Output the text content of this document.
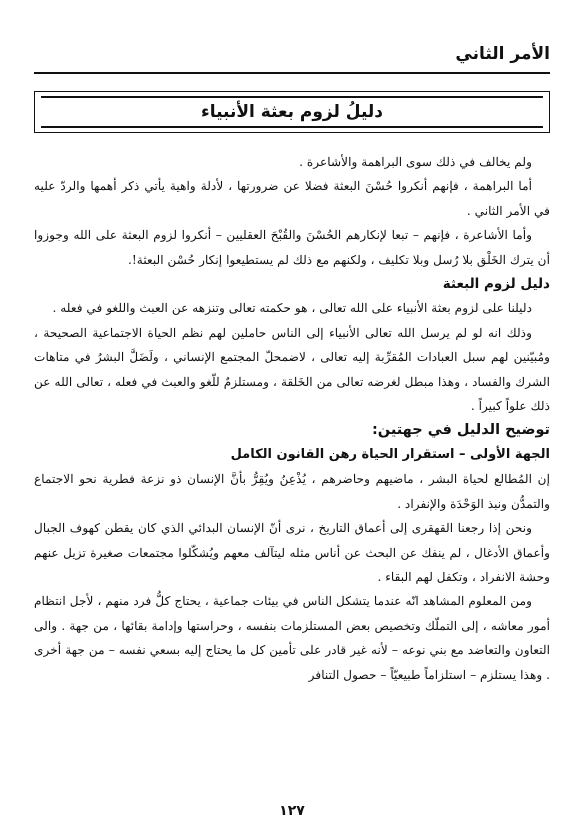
الأمر الثاني
دليلُ لزوم بعثة الأنبياء

ولم يخالف في ذلك سوى البراهمة والأشاعرة .

أما البراهمة ، فإنهم أنكروا حُسْنَ البعثة فضلا عن ضرورتها ، لأدلة واهية يأتي ذكر أهمها والردّ عليه في الأمر الثاني .

وأما الأشاعرة ، فإنهم – تبعا لإنكارهم الحُسْنَ والقُبْحَ العقليين – أنكروا لزوم البعثة على الله وجوزوا أن يترك الخَلْق بلا رُسل وبلا تكليف ، ولكنهم مع ذلك لم يستطيعوا إنكار حُسْن البعثة!.

دليل لزوم البعثة

دليلنا على لزوم بعثة الأنبياء على الله تعالى ، هو حكمته تعالى وتنزهه عن العبث واللغو في فعله .

وذلك انه لو لم يرسل الله تعالى الأنبياء إلى الناس حاملين لهم نظم الحياة الاجتماعية الصحيحة ، ومُبيّنين لهم سبل العبادات المُقرِّبة إليه تعالى ، لاضمحلّ المجتمع الإنساني ، ولَضَلَّ البشرُ في متاهات الشرك والفساد ، وهذا مبطل لغرضه تعالى من الخَلقة ، ومستلزمٌ للّغو والعبث في فعله ، تعالى الله عن ذلك علواً كبيراً .

توضيح الدليل في جهتين:

الجهة الأولى – استقرار الحياة رهن القانون الكامل

إن المُطالع لحياة البشر ، ماضيهم وحاضرهم ، يُذْعِنُ ويُقِرُّ بأنَّ الإنسان ذو نزعة فطرية نحو الاجتماع والتمدُّن ونبذ الوَحْدَة والإنفراد .

ونحن إذا رجعنا القهقرى إلى أعماق التاريخ ، نرى أنّ الإنسان البدائي الذي كان يقطن كهوف الجبال وأعماق الأدغال ، لم ينفك عن البحث عن أناس مثله ليتآلف معهم ويُشكّلوا مجتمعات صغيرة تزيل عنهم وحشة الانفراد ، وتكفل لهم البقاء .

ومن المعلوم المشاهد انّه عندما يتشكل الناس في بيئات جماعية ، يحتاج كلُّ فرد منهم ، لأجل انتظام أمور معاشه ، إلى التملّك وتخصيص بعض المستلزمات بنفسه ، وحراستها وإدامة بقائها ، من جهة . والى التعاون والتعاضد مع بني نوعه – لأنه غير قادر على تأمين كل ما يحتاج إليه بسعي نفسه – من جهة أخرى . وهذا يستلزم – استلزاماً طبيعيّاً – حصول التنافر

١٢٧
